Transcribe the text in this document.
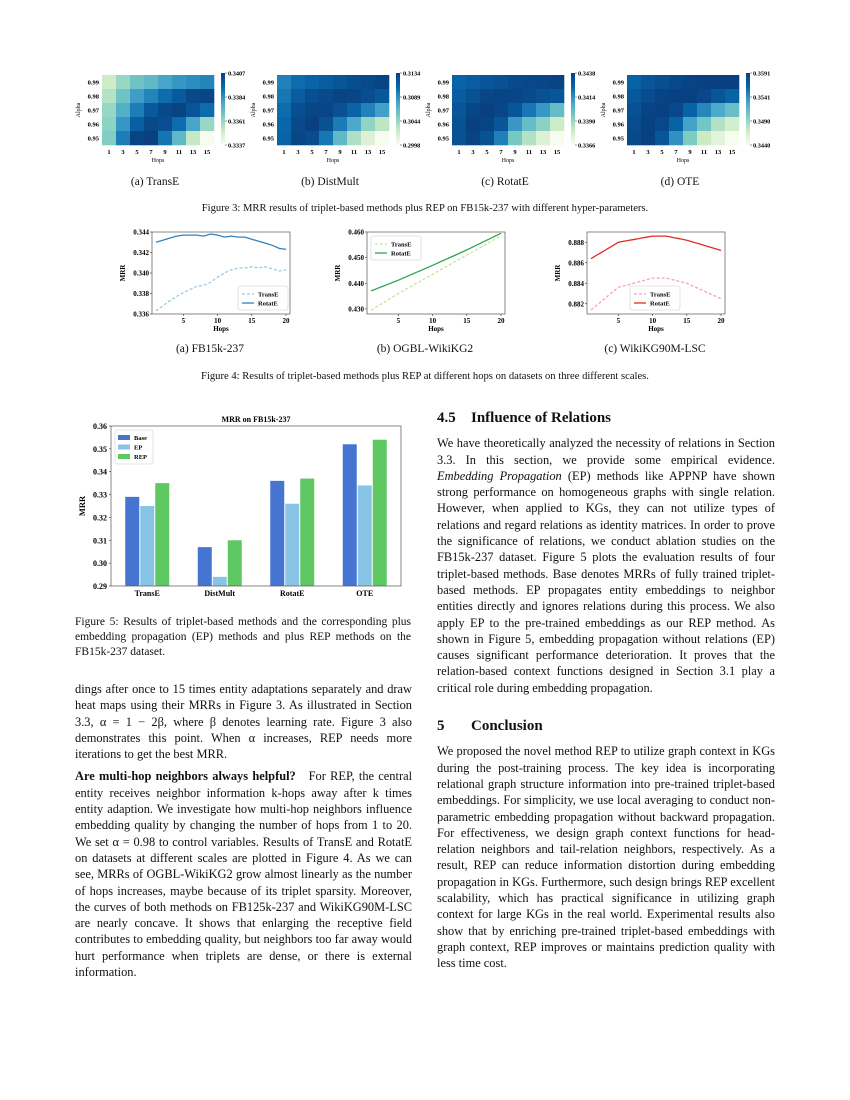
0.99
0.98
0.97
0.96
0.95
Alpha
1 3 5 7 9 11 13 15
Hops
0.3407
0.3384
0.3361
0.3337
0.99
0.98
0.97
0.96
0.95
Alpha
1 3 5 7 9 11 13 15
Hops
0.3134
0.3089
0.3044
0.2998
0.99
0.98
0.97
0.96
0.95
Alpha
1 3 5 7 9 11 13 15
Hops
0.3438
0.3414
0.3390
0.3366
0.99
0.98
0.97
0.96
0.95
Alpha
1 3 5 7 9 11 13 15
Hops
0.3591
0.3541
0.3490
0.3440
(a) TransE	(b) DistMult	(c) RotatE	(d) OTE
Figure 3: MRR results of triplet-based methods plus REP on FB15k-237 with different hyper-parameters.
0.344
0.342
0.340
0.338
0.336
5	10	15	20
Hops
MRR
TransE
RotatE
0.460
0.450
0.440
0.430
5	10	15	20
Hops
MRR
TransE
RotatE
0.888
0.886
0.884
0.882
5	10	15	20
Hops
MRR
TransE
RotatE
(a) FB15k-237	(b) OGBL-WikiKG2	(c) WikiKG90M-LSC
Figure 4: Results of triplet-based methods plus REP at different hops on datasets on three different scales.
MRR on FB15k-237
0.36
0.35
0.34
0.33
0.32
0.31
0.30
0.29
MRR
TransE	DistMult	RotatE	OTE
Base
EP
REP
Figure 5: Results of triplet-based methods and the corresponding plus embedding propagation (EP) methods and plus REP methods on the FB15k-237 dataset.

dings after once to 15 times entity adaptations separately and draw heat maps using their MRRs in Figure 3. As illustrated in Section 3.3, α = 1 − 2β, where β denotes learning rate. Figure 3 also demonstrates this point. When α increases, REP needs more iterations to get the best MRR.

Are multi-hop neighbors always helpful? For REP, the central entity receives neighbor information k-hops away after k times entity adaption. We investigate how multi-hop neighbors influence embedding quality by changing the number of hops from 1 to 20. We set α = 0.98 to control variables. Results of TransE and RotatE on datasets at different scales are plotted in Figure 4. As we can see, MRRs of OGBL-WikiKG2 grow almost linearly as the number of hops increases, maybe because of its triplet sparsity. Moreover, the curves of both methods on FB125k-237 and WikiKG90M-LSC are nearly concave. It shows that enlarging the receptive field contributes to embedding quality, but neighbors too far away would hurt performance when triplets are dense, or there is external information.

4.5 Influence of Relations

We have theoretically analyzed the necessity of relations in Section 3.3. In this section, we provide some empirical evidence. Embedding Propagation (EP) methods like APPNP have shown strong performance on homogeneous graphs with single relation. However, when applied to KGs, they can not utilize types of relations and regard relations as identity matrices. In order to prove the significance of relations, we conduct ablation studies on the FB15k-237 dataset. Figure 5 plots the evaluation results of four triplet-based methods. Base denotes MRRs of fully trained triplet-based methods. EP propagates entity embeddings to neighbor entities directly and ignores relations during this process. We also apply EP to the pre-trained embeddings as our REP method. As shown in Figure 5, embedding propagation without relations (EP) causes significant performance deterioration. It proves that the relation-based context functions designed in Section 3.1 play a critical role during embedding propagation.

5 Conclusion

We proposed the novel method REP to utilize graph context in KGs during the post-training process. The key idea is incorporating relational graph structure information into pre-trained triplet-based embeddings. For simplicity, we use local averaging to conduct non-parametric embedding propagation without backward propagation. For effectiveness, we design graph context functions for head-relation neighbors and tail-relation neighbors, respectively. As a result, REP can reduce information distortion during embedding propagation in KGs. Furthermore, such design brings REP excellent scalability, which has practical significance in utilizing graph context for large KGs in the real world. Experimental results also show that by enriching pre-trained triplet-based embeddings with graph context, REP improves or maintains prediction quality with less time cost.
